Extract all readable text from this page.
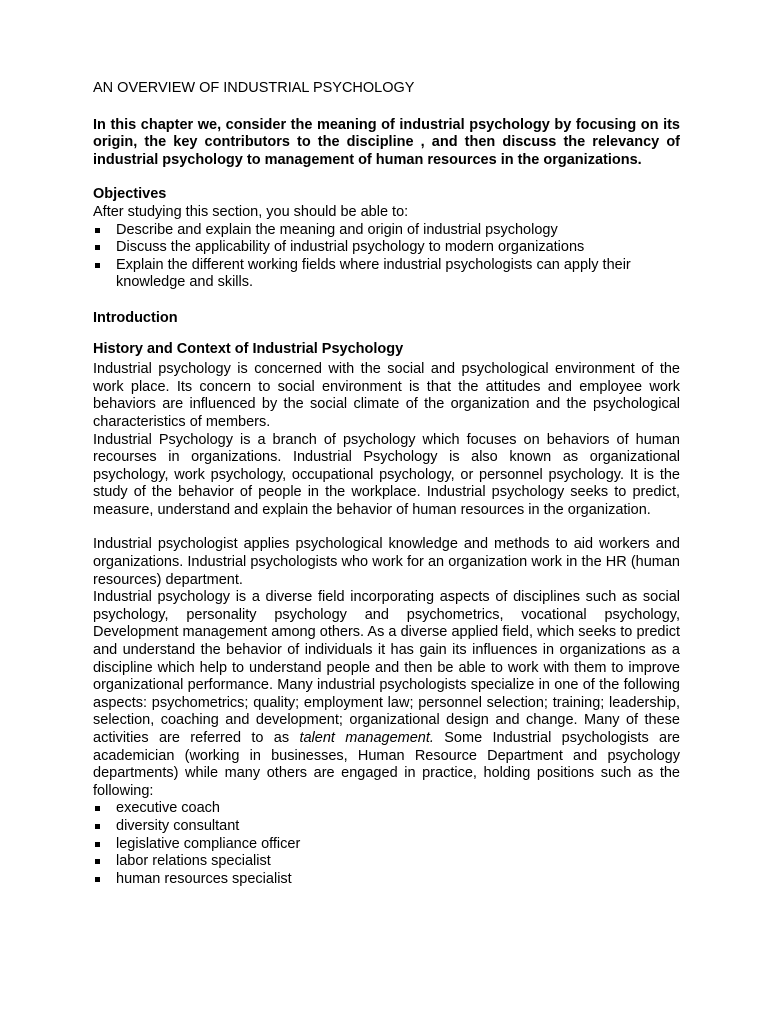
AN OVERVIEW OF INDUSTRIAL PSYCHOLOGY

In this chapter we, consider the meaning of industrial psychology by focusing on its origin, the key contributors to the discipline , and then discuss the relevancy of industrial psychology to management of human resources in the organizations.

Objectives

After studying this section, you should be able to:

Describe and explain the meaning and origin of industrial psychology
Discuss the applicability of industrial psychology to modern organizations
Explain the different working fields where industrial psychologists can apply their knowledge and skills.

Introduction

History and Context of Industrial Psychology

Industrial psychology is concerned with the social and psychological environment of the work place. Its concern to social environment is that the attitudes and employee work behaviors are influenced by the social climate of the organization and the psychological characteristics of members.

Industrial Psychology is a branch of psychology which focuses on behaviors of human recourses in organizations. Industrial Psychology is also known as organizational psychology, work psychology, occupational psychology, or personnel psychology. It is the study of the behavior of people in the workplace. Industrial psychology seeks to predict, measure, understand and explain the behavior of human resources in the organization.

Industrial psychologist applies psychological knowledge and methods to aid workers and organizations. Industrial psychologists who work for an organization work in the HR (human resources) department.

Industrial psychology is a diverse field incorporating aspects of disciplines such as social psychology, personality psychology and psychometrics, vocational psychology, Development management among others. As a diverse applied field, which seeks to predict and understand the behavior of individuals it has gain its influences in organizations as a discipline which help to understand people and then be able to work with them to improve organizational performance. Many industrial psychologists specialize in one of the following aspects: psychometrics; quality; employment law; personnel selection; training; leadership, selection, coaching and development; organizational design and change. Many of these activities are referred to as talent management. Some Industrial psychologists are academician (working in businesses, Human Resource Department and psychology departments) while many others are engaged in practice, holding positions such as the following:

executive coach
diversity consultant
legislative compliance officer
labor relations specialist
human resources specialist
